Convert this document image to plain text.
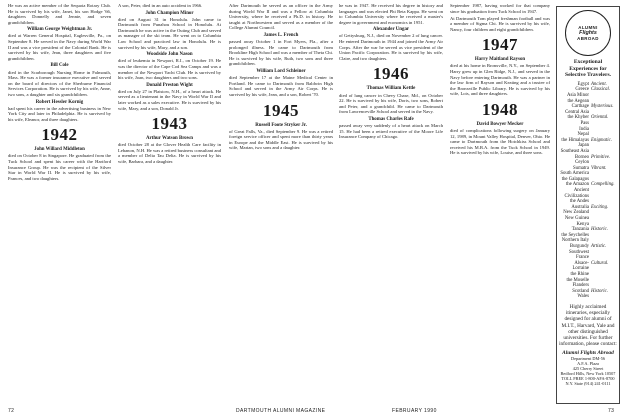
He was an active member of the Sequoia Rotary Club. He is survived by his wife, Janet, his son Hodge '66, daughters Donnelly and Jennie, and seven grandchildren.

William George Weightman Jr.

died at Warren General Hospital, Eaglesville, Pa., on September 8. He served in the Navy during World War II and was a vice president of the Colonial Bank. He is survived by his wife, Jean, three daughters and five grandchildren.

Bill Cole

died in the Scarborough Nursing Home in Falmouth, Mass. He was a former insurance executive and served on the board of directors of the Sherburne Financial Services Corporation. He is survived by his wife, Anne, two sons, a daughter and six grandchildren.

Robert Hessler Kornig

had spent his career in the advertising business in New York City and later in Philadelphia. He is survived by his wife, Eleanor, and three daughters.

1942
John Willard Middleton

died on October 8 in Singapore. He graduated from the Tuck School and spent his career with the Hartford Insurance Group. He was the recipient of the Silver Star in World War II. He is survived by his wife, Frances, and two daughters.

A son, Peter, died in an auto accident in 1966.

John Champion Minor

died on August 31 in Honolulu. John came to Dartmouth from Punahou School in Honolulu. At Dartmouth he was active in the Outing Club and served as manager of the ski team. He went on to Columbia Law School and practiced law in Honolulu. He is survived by his wife, Mary, and a son.

Woodside John Nason

died of leukemia in Newport, R.I., on October 19. He was the director of the Cape Cod Sea Camps and was a member of the Newport Yacht Club. He is survived by his wife, Joan, two daughters and two sons.

Donald Preston Wight

died on July 27 in Plaistow, N.H., of a heart attack. He served as a lieutenant in the Navy in World War II and later worked as a sales executive. He is survived by his wife, Mary, and a son, Donald Jr.

1943
Arthur Watson Brown

died October 28 at the Glover Health Care facility in Lebanon, N.H. He was a retired business consultant and a member of Delta Tau Delta. He is survived by his wife, Barbara, and a daughter.

After Dartmouth he served as an officer in the Army during World War II and was a Fellow at Columbia University, where he received a Ph.D. in history. He taught at Northwestern and served as a member of the College Alumni Council.

James L. French

passed away October 1 in Fort Myers, Fla., after a prolonged illness. He came to Dartmouth from Brookline High School and was a member of Theta Chi. He is survived by his wife, Ruth, two sons and three grandchildren.

William Lord Schleiner

died September 17 at the Maine Medical Center in Portland. He came to Dartmouth from Baldwin High School and served in the Army Air Corps. He is survived by his wife, Jean, and a son, Robert '70.

1945
Russell Foote Stryker Jr.

of Great Falls, Va., died September 9. He was a retired foreign service officer and spent more than thirty years in Europe and the Middle East. He is survived by his wife, Marian, two sons and a daughter.

he was in 1947. He received his degree in history and languages and was elected Phi Beta Kappa. He went on to Columbia University where he received a master's degree in government and economics in 1951.

Alexander Ungar

of Gettysburg, N.J., died on November 2 of lung cancer. He entered Dartmouth in 1944 and joined the Army Air Corps. After the war he served as vice president of the Union Pacific Corporation. He is survived by his wife, Claire, and two daughters.

1946
Thomas William Kettle

died of lung cancer in Chevy Chase, Md., on October 22. He is survived by his wife, Doris, two sons, Robert and Peter, and a grandchild. He came to Dartmouth from Lawrenceville School and served in the Navy.

Thomas Charles Rafe

passed away very suddenly of a heart attack on March 15. He had been a retired executive of the Moore Life Insurance Company of Chicago.

September 1987, having worked for that company since his graduation from Tuck School in 1947.

At Dartmouth Tom played freshman football and was a member of Sigma Chi. He is survived by his wife, Nancy, four children and eight grandchildren.

1947
Harry Maitland Rayson

died at his home in Bronxville, N.Y., on September 4. Harry grew up in Glen Ridge, N.J., and served in the Navy before entering Dartmouth. He was a partner in the law firm of Rayson and Keating and a trustee of the Bronxville Public Library. He is survived by his wife, Lois, and three daughters.

1948
David Bowyer Mecker

died of complications following surgery on January 12, 1989, in Mount Valley Hospital, Denver, Ohio. He came to Dartmouth from the Hotchkiss School and received his M.B.A. from the Tuck School in 1949. He is survived by his wife, Louise, and three sons.

ALUMNI
Flights
ABROAD
Exceptional Experiences for Selective Travelers.
Egypt Ancient.
Greece Classical.
Asia Minor
the Aegean
Carthage Mysterious.
Central Asia
the Khyber Pass
Oriental.
India
Nepal
the Himalayas Enigmatic.
Japan
Southeast Asia
Borneo Primitive.
Ceylon
Sumatra Vibrant.
South America
the Galapagos
the Amazon Compelling.
Ancient Civilizations
the Andes
Australia Exciting.
New Zealand
New Guinea
Kenya
Tanzania Historic.
the Seychelles
Northern Italy
Burgundy Artistic.
Southwest France
Alsace-Lorraine
Cultural.
the Rhine
the Moselle
Flanders
Scotland Historic.
Wales
Highly acclaimed itineraries, especially designed for alumni of M.I.T., Harvard, Yale and other distinguished universities. For further information, please contact:
Alumni Flights Abroad
Department DM-56
A.F.A. Plaza
425 Cherry Street
Bedford Hills, New York 10507
TOLL FREE 1-800-AFA-8700
N.Y. State (914) 241-0111
72	DARTMOUTH ALUMNI MAGAZINE	FEBRUARY 1990	73
